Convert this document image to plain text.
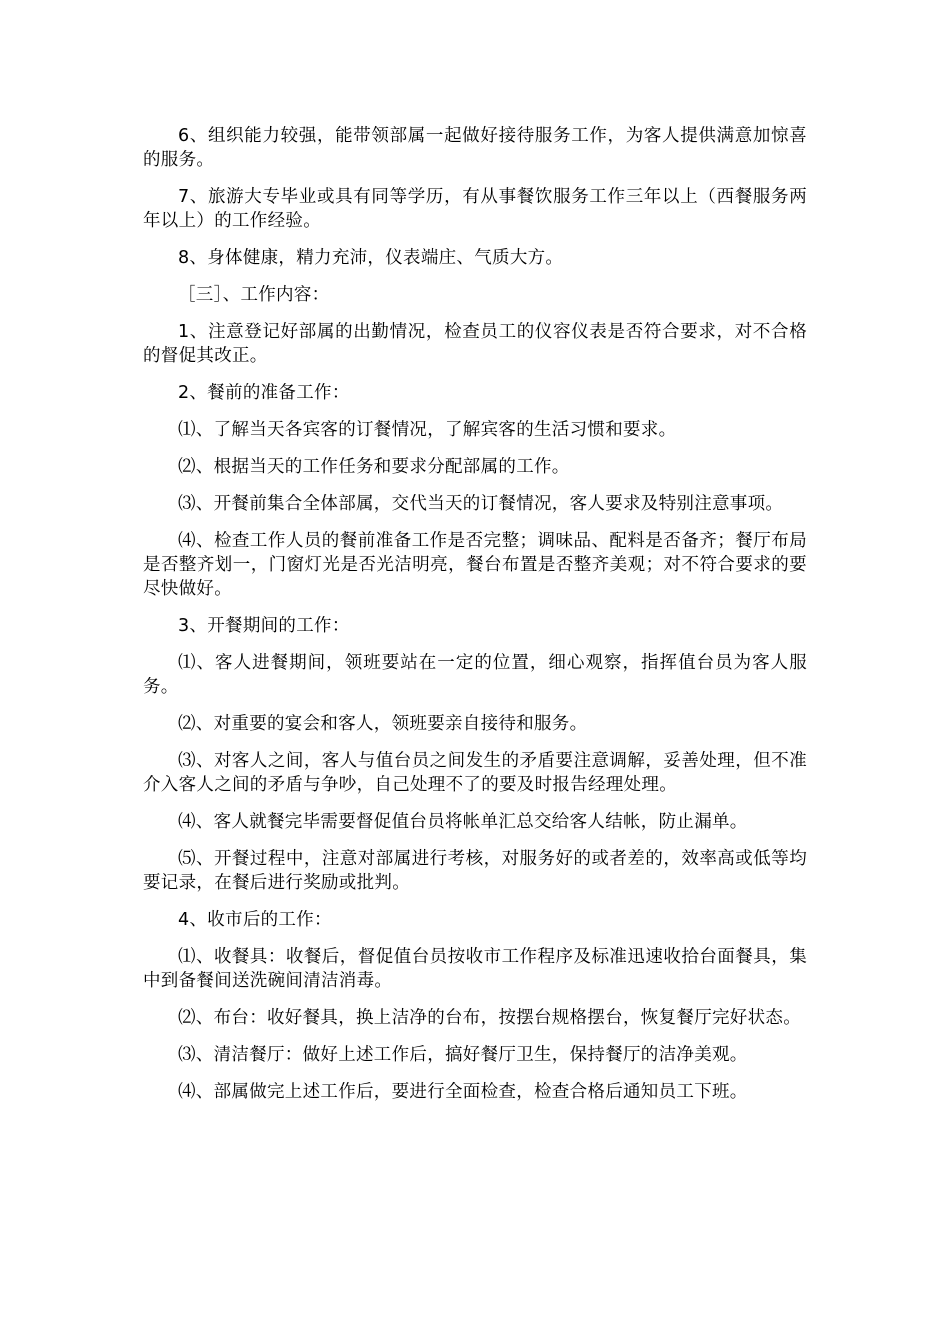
6、组织能力较强，能带领部属一起做好接待服务工作，为客人提供满意加惊喜的服务。

7、旅游大专毕业或具有同等学历，有从事餐饮服务工作三年以上（西餐服务两年以上）的工作经验。

8、身体健康，精力充沛，仪表端庄、气质大方。

［三］、工作内容：

1、注意登记好部属的出勤情况，检查员工的仪容仪表是否符合要求，对不合格的督促其改正。

2、餐前的准备工作：

⑴、了解当天各宾客的订餐情况，了解宾客的生活习惯和要求。

⑵、根据当天的工作任务和要求分配部属的工作。

⑶、开餐前集合全体部属，交代当天的订餐情况，客人要求及特别注意事项。

⑷、检查工作人员的餐前准备工作是否完整；调味品、配料是否备齐；餐厅布局是否整齐划一，门窗灯光是否光洁明亮，餐台布置是否整齐美观；对不符合要求的要尽快做好。

3、开餐期间的工作：

⑴、客人进餐期间，领班要站在一定的位置，细心观察，指挥值台员为客人服务。

⑵、对重要的宴会和客人，领班要亲自接待和服务。

⑶、对客人之间，客人与值台员之间发生的矛盾要注意调解，妥善处理，但不准介入客人之间的矛盾与争吵，自己处理不了的要及时报告经理处理。

⑷、客人就餐完毕需要督促值台员将帐单汇总交给客人结帐，防止漏单。

⑸、开餐过程中，注意对部属进行考核，对服务好的或者差的，效率高或低等均要记录，在餐后进行奖励或批判。

4、收市后的工作：

⑴、收餐具：收餐后，督促值台员按收市工作程序及标准迅速收拾台面餐具，集中到备餐间送洗碗间清洁消毒。

⑵、布台：收好餐具，换上洁净的台布，按摆台规格摆台，恢复餐厅完好状态。

⑶、清洁餐厅：做好上述工作后，搞好餐厅卫生，保持餐厅的洁净美观。

⑷、部属做完上述工作后，要进行全面检查，检查合格后通知员工下班。
